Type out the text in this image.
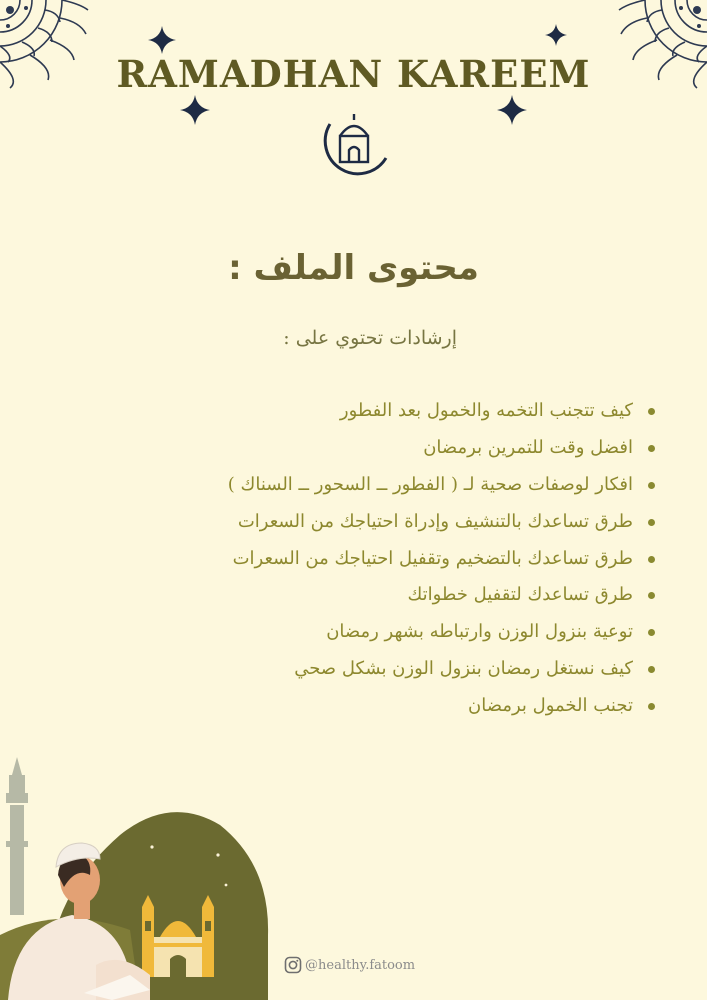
RAMADHAN KAREEM
محتوى الملف :

إرشادات تحتوي على :

كيف تتجنب التخمه والخمول بعد الفطور
افضل وقت للتمرين برمضان
افكار لوصفات صحية لـ ( الفطور ــ السحور ــ السناك )
طرق تساعدك بالتنشيف وإدراة احتياجك من السعرات
طرق تساعدك بالتضخيم وتقفيل احتياجك من السعرات
طرق تساعدك لتقفيل خطواتك
توعية بنزول الوزن وارتباطه بشهر رمضان
كيف نستغل رمضان بنزول الوزن بشكل صحي
تجنب الخمول برمضان
@healthy.fatoom
